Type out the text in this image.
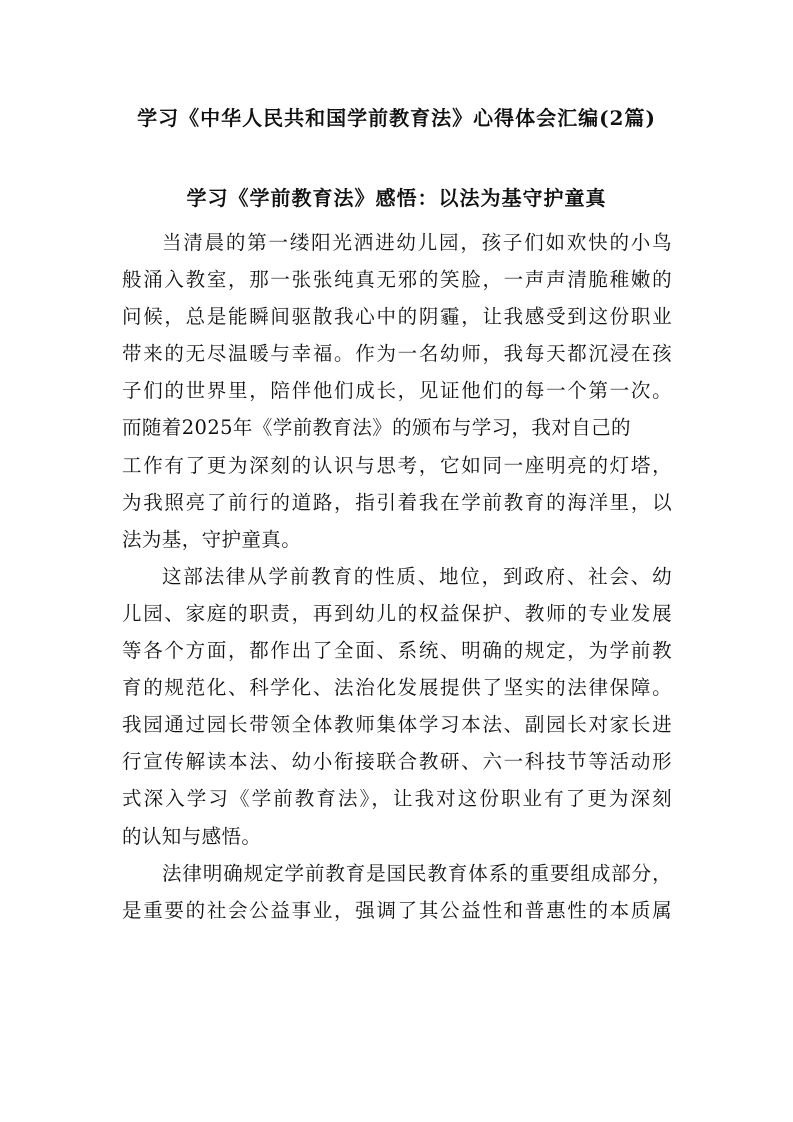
学习《中华人民共和国学前教育法》心得体会汇编(2篇)
学习《学前教育法》感悟：以法为基守护童真
当清晨的第一缕阳光洒进幼儿园，孩子们如欢快的小鸟
般涌入教室，那一张张纯真无邪的笑脸，一声声清脆稚嫩的
问候，总是能瞬间驱散我心中的阴霾，让我感受到这份职业
带来的无尽温暖与幸福。作为一名幼师，我每天都沉浸在孩
子们的世界里，陪伴他们成长，见证他们的每一个第一次。
而随着2025年《学前教育法》的颁布与学习，我对自己的
工作有了更为深刻的认识与思考，它如同一座明亮的灯塔，
为我照亮了前行的道路，指引着我在学前教育的海洋里，以
法为基，守护童真。
这部法律从学前教育的性质、地位，到政府、社会、幼
儿园、家庭的职责，再到幼儿的权益保护、教师的专业发展
等各个方面，都作出了全面、系统、明确的规定，为学前教
育的规范化、科学化、法治化发展提供了坚实的法律保障。
我园通过园长带领全体教师集体学习本法、副园长对家长进
行宣传解读本法、幼小衔接联合教研、六一科技节等活动形
式深入学习《学前教育法》，让我对这份职业有了更为深刻
的认知与感悟。
法律明确规定学前教育是国民教育体系的重要组成部分，
是重要的社会公益事业，强调了其公益性和普惠性的本质属
